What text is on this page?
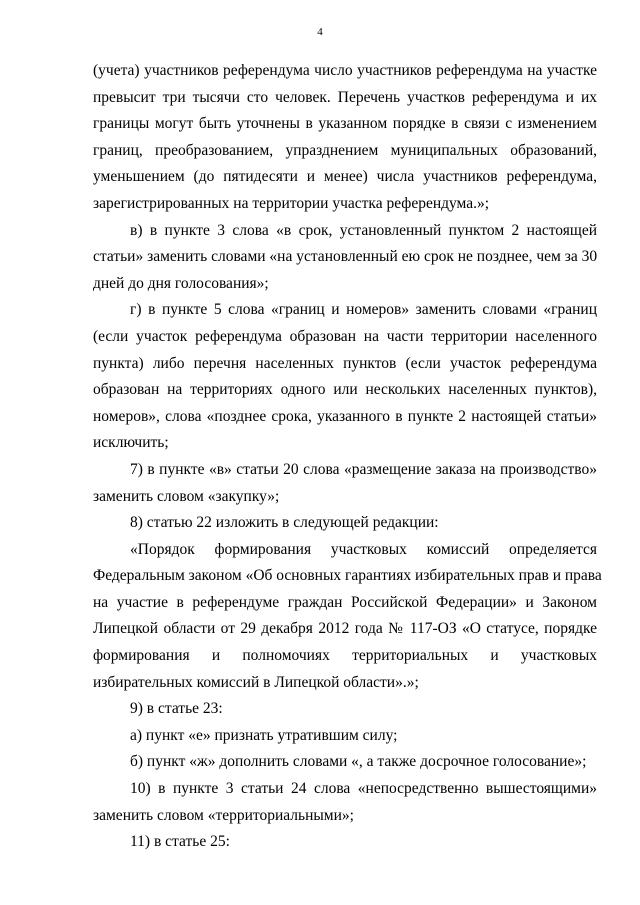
4
(учета) участников референдума число участников референдума на участке
превысит три тысячи сто человек. Перечень участков референдума и их
границы могут быть уточнены в указанном порядке в связи с изменением
границ, преобразованием, упразднением муниципальных образований,
уменьшением (до пятидесяти и менее) числа участников референдума,
зарегистрированных на территории участка референдума.»;
в) в пункте 3 слова «в срок, установленный пунктом 2 настоящей
статьи» заменить словами «на установленный ею срок не позднее, чем за 30
дней до дня голосования»;
г) в пункте 5 слова «границ и номеров» заменить словами «границ
(если участок референдума образован на части территории населенного
пункта) либо перечня населенных пунктов (если участок референдума
образован на территориях одного или нескольких населенных пунктов),
номеров», слова «позднее срока, указанного в пункте 2 настоящей статьи»
исключить;
7) в пункте «в» статьи 20 слова «размещение заказа на производство»
заменить словом «закупку»;
8) статью 22 изложить в следующей редакции:
«Порядок формирования участковых комиссий определяется
Федеральным законом «Об основных гарантиях избирательных прав и права
на участие в референдуме граждан Российской Федерации» и Законом
Липецкой области от 29 декабря 2012 года № 117-ОЗ «О статусе, порядке
формирования и полномочиях территориальных и участковых
избирательных комиссий в Липецкой области».»;
9) в статье 23:
а) пункт «е» признать утратившим силу;
б) пункт «ж» дополнить словами «, а также досрочное голосование»;
10) в пункте 3 статьи 24 слова «непосредственно вышестоящими»
заменить словом «территориальными»;
11) в статье 25:
